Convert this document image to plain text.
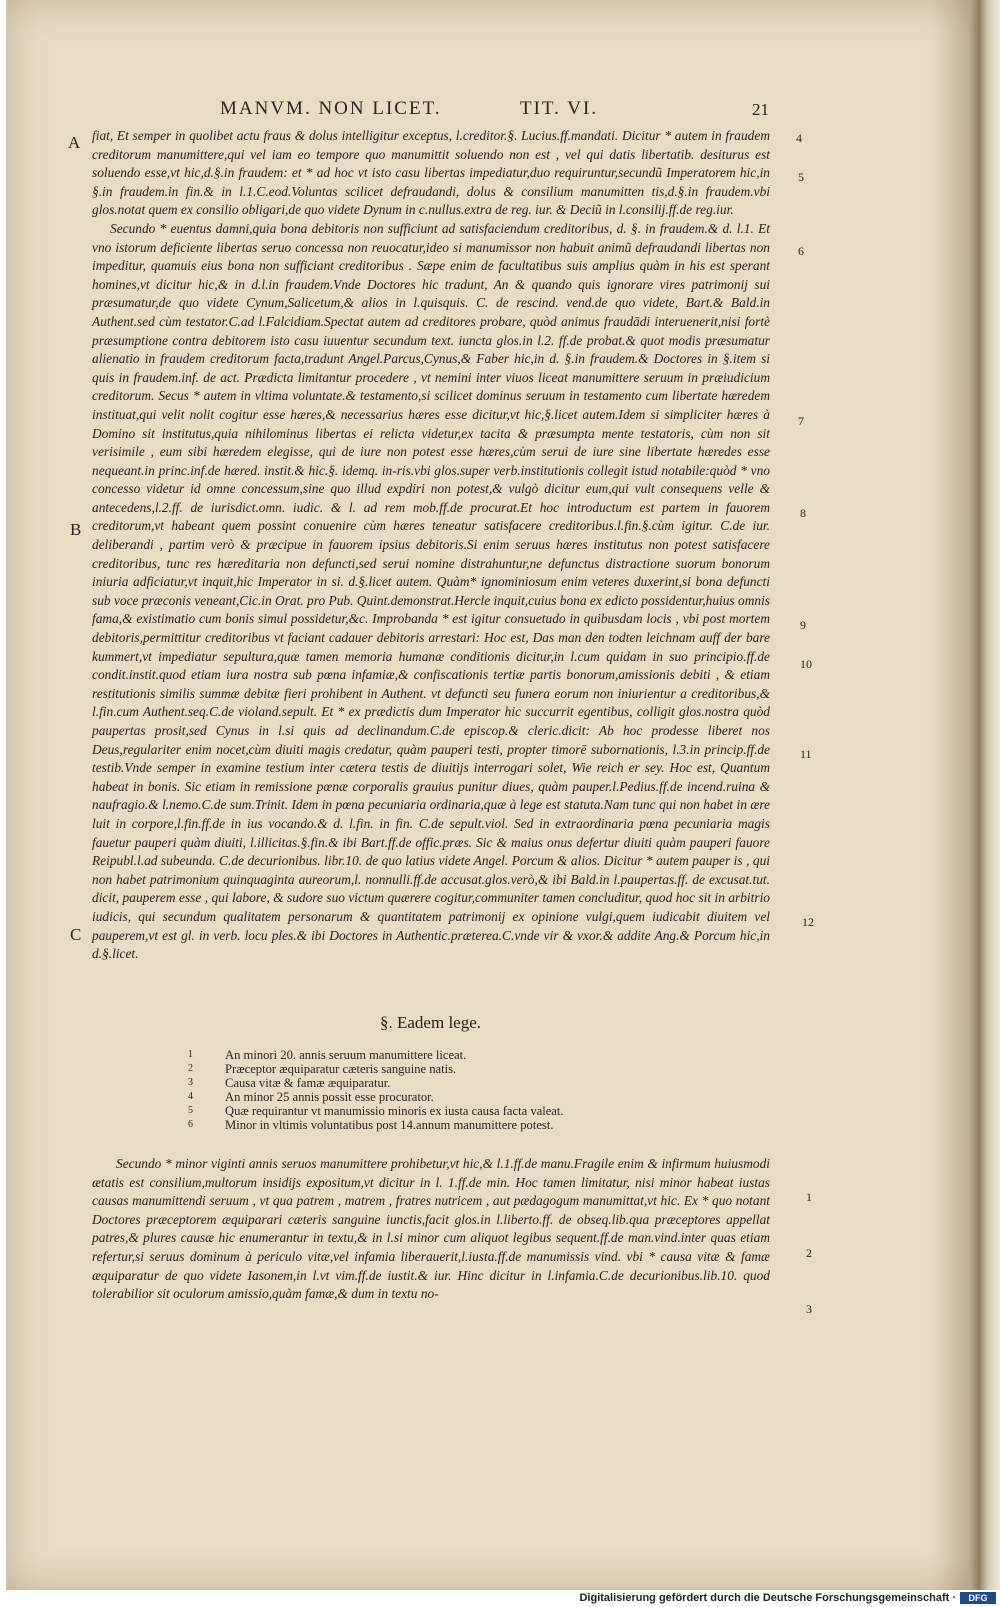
MANVM. NON LICET.	TIT. VI.	21
A
B
C
4
5
6
7
8
9
10
11
12

fiat, Et semper in quolibet actu fraus & dolus intelligitur exceptus, l.creditor.§. Lucius.ff.mandati. Dicitur * autem in fraudem creditorum manumittere,qui vel iam eo tempore quo manumittit soluendo non est , vel qui datis libertatib. desiturus est soluendo esse,vt hic,d.§.in fraudem: et * ad hoc vt isto casu libertas impediatur,duo requiruntur,secundũ Imperatorem hic,in §.in fraudem.in fin.& in l.1.C.eod.Voluntas scilicet defraudandi, dolus & consilium manumitten tis,d.§.in fraudem.vbi glos.notat quem ex consilio obligari,de quo videte Dynum in c.nullus.extra de reg. iur. & Deciũ in l.consilij.ff.de reg.iur.

Secundo * euentus damni,quia bona debitoris non sufficiunt ad satisfaciendum creditoribus, d. §. in fraudem.& d. l.1. Et vno istorum deficiente libertas seruo concessa non reuocatur,ideo si manumissor non habuit animũ defraudandi libertas non impeditur, quamuis eius bona non sufficiant creditoribus . Sæpe enim de facultatibus suis amplius quàm in his est sperant homines,vt dicitur hic,& in d.l.in fraudem.Vnde Doctores hic tradunt, An & quando quis ignorare vires patrimonij sui præsumatur,de quo videte Cynum,Salicetum,& alios in l.quisquis. C. de rescind. vend.de quo videte, Bart.& Bald.in Authent.sed cùm testator.C.ad l.Falcidiam.Spectat autem ad creditores probare, quòd animus fraudādi interuenerit,nisi fortè præsumptione contra debitorem isto casu iuuentur secundum text. iuncta glos.in l.2. ff.de probat.& quot modis præsumatur alienatio in fraudem creditorum facta,tradunt Angel.Parcus,Cynus,& Faber hic,in d. §.in fraudem.& Doctores in §.item si quis in fraudem.inf. de act. Prædicta limitantur procedere , vt nemini inter viuos liceat manumittere seruum in præiudicium creditorum. Secus * autem in vltima voluntate.& testamento,si scilicet dominus seruum in testamento cum libertate hæredem instituat,qui velit nolit cogitur esse hæres,& necessarius hæres esse dicitur,vt hic,§.licet autem.Idem si simpliciter hæres à Domino sit institutus,quia nihilominus libertas ei relicta videtur,ex tacita & præsumpta mente testatoris, cùm non sit verisimile , eum sibi hæredem elegisse, qui de iure non potest esse hæres,cùm serui de iure sine libertate hæredes esse nequeant.in princ.inf.de hæred. instit.& hic.§. idemq. in-ris.vbi glos.super verb.institutionis collegit istud notabile:quòd * vno concesso videtur id omne concessum,sine quo illud expdiri non potest,& vulgò dicitur eum,qui vult consequens velle & antecedens,l.2.ff. de iurisdict.omn. iudic. & l. ad rem mob.ff.de procurat.Et hoc introductum est partem in fauorem creditorum,vt habeant quem possint conuenire cùm hæres teneatur satisfacere creditoribus.l.fin.§.cùm igitur. C.de iur. deliberandi , partim verò & præcipue in fauorem ipsius debitoris.Si enim seruus hæres institutus non potest satisfacere creditoribus, tunc res hæreditaria non defuncti,sed serui nomine distrahuntur,ne defunctus distractione suorum bonorum iniuria adficiatur,vt inquit,hic Imperator in si. d.§.licet autem. Quàm* ignominiosum enim veteres duxerint,si bona defuncti sub voce præconis veneant,Cic.in Orat. pro Pub. Quint.demonstrat.Hercle inquit,cuius bona ex edicto possidentur,huius omnis fama,& existimatio cum bonis simul possidetur,&c. Improbanda * est igitur consuetudo in quibusdam locis , vbi post mortem debitoris,permittitur creditoribus vt faciant cadauer debitoris arrestari: Hoc est, Das man den todten leichnam auff der bare kummert,vt impediatur sepultura,quæ tamen memoria humanæ conditionis dicitur,in l.cum quidam in suo principio.ff.de condit.instit.quod etiam iura nostra sub pœna infamiæ,& confiscationis tertiæ partis bonorum,amissionis debiti , & etiam restitutionis similis summæ debitæ fieri prohibent in Authent. vt defuncti seu funera eorum non iniurientur a creditoribus,& l.fin.cum Authent.seq.C.de violand.sepult. Et * ex prædictis dum Imperator hic succurrit egentibus, colligit glos.nostra quòd paupertas prosit,sed Cynus in l.si quis ad declinandum.C.de episcop.& cleric.dicit: Ab hoc prodesse liberet nos Deus,regulariter enim nocet,cùm diuiti magis credatur, quàm pauperi testi, propter timorē subornationis, l.3.in princip.ff.de testib.Vnde semper in examine testium inter cætera testis de diuitijs interrogari solet, Wie reich er sey. Hoc est, Quantum habeat in bonis. Sic etiam in remissione pœnæ corporalis grauius punitur diues, quàm pauper.l.Pedius.ff.de incend.ruina & naufragio.& l.nemo.C.de sum.Trinit. Idem in pœna pecuniaria ordinaria,quæ à lege est statuta.Nam tunc qui non habet in ære luit in corpore,l.fin.ff.de in ius vocando.& d. l.fin. in fin. C.de sepult.viol. Sed in extraordinaria pœna pecuniaria magis fauetur pauperi quàm diuiti, l.illicitas.§.fin.& ibi Bart.ff.de offic.præs. Sic & maius onus defertur diuiti quàm pauperi fauore Reipubl.l.ad subeunda. C.de decurionibus. libr.10. de quo latius videte Angel. Porcum & alios. Dicitur * autem pauper is , qui non habet patrimonium quinquaginta aureorum,l. nonnulli.ff.de accusat.glos.verò,& ibi Bald.in l.paupertas.ff. de excusat.tut. dicit, pauperem esse , qui labore, & sudore suo victum quærere cogitur,communiter tamen concluditur, quod hoc sit in arbitrio iudicis, qui secundum qualitatem personarum & quantitatem patrimonij ex opinione vulgi,quem iudicabit diuitem vel pauperem,vt est gl. in verb. locu ples.& ibi Doctores in Authentic.præterea.C.vnde vir & vxor.& addite Ang.& Porcum hic,in d.§.licet.

§. Eadem lege.
1	An minori 20. annis seruum manumittere liceat.
2	Præceptor æquiparatur cæteris sanguine natis.
3	Causa vitæ & famæ æquiparatur.
4	An minor 25 annis possit esse procurator.
5	Quæ requirantur vt manumissio minoris ex iusta causa facta valeat.
6	Minor in vltimis voluntatibus post 14.annum manumittere potest.

Secundo * minor viginti annis seruos manumittere prohibetur,vt hic,& l.1.ff.de manu.Fragile enim & infirmum huiusmodi ætatis est consilium,multorum insidijs expositum,vt dicitur in l. 1.ff.de min. Hoc tamen limitatur, nisi minor habeat iustas causas manumittendi seruum , vt qua patrem , matrem , fratres nutricem , aut pædagogum manumittat,vt hic. Ex * quo notant Doctores præceptorem æquiparari cæteris sanguine iunctis,facit glos.in l.liberto.ff. de obseq.lib.qua præceptores appellat patres,& plures causæ hic enumerantur in textu,& in l.si minor cum aliquot legibus sequent.ff.de man.vind.inter quas etiam refertur,si seruus dominum à periculo vitæ,vel infamia liberauerit,l.iusta.ff.de manumissis vind. vbi * causa vitæ & famæ æquiparatur de quo videte Iasonem,in l.vt vim.ff.de iustit.& iur. Hinc dicitur in l.infamia.C.de decurionibus.lib.10. quod tolerabilior sit oculorum amissio,quàm famæ,& dum in textu no-

1
2
3
Digitalisierung gefördert durch die Deutsche Forschungsgemeinschaft ·	DFG
